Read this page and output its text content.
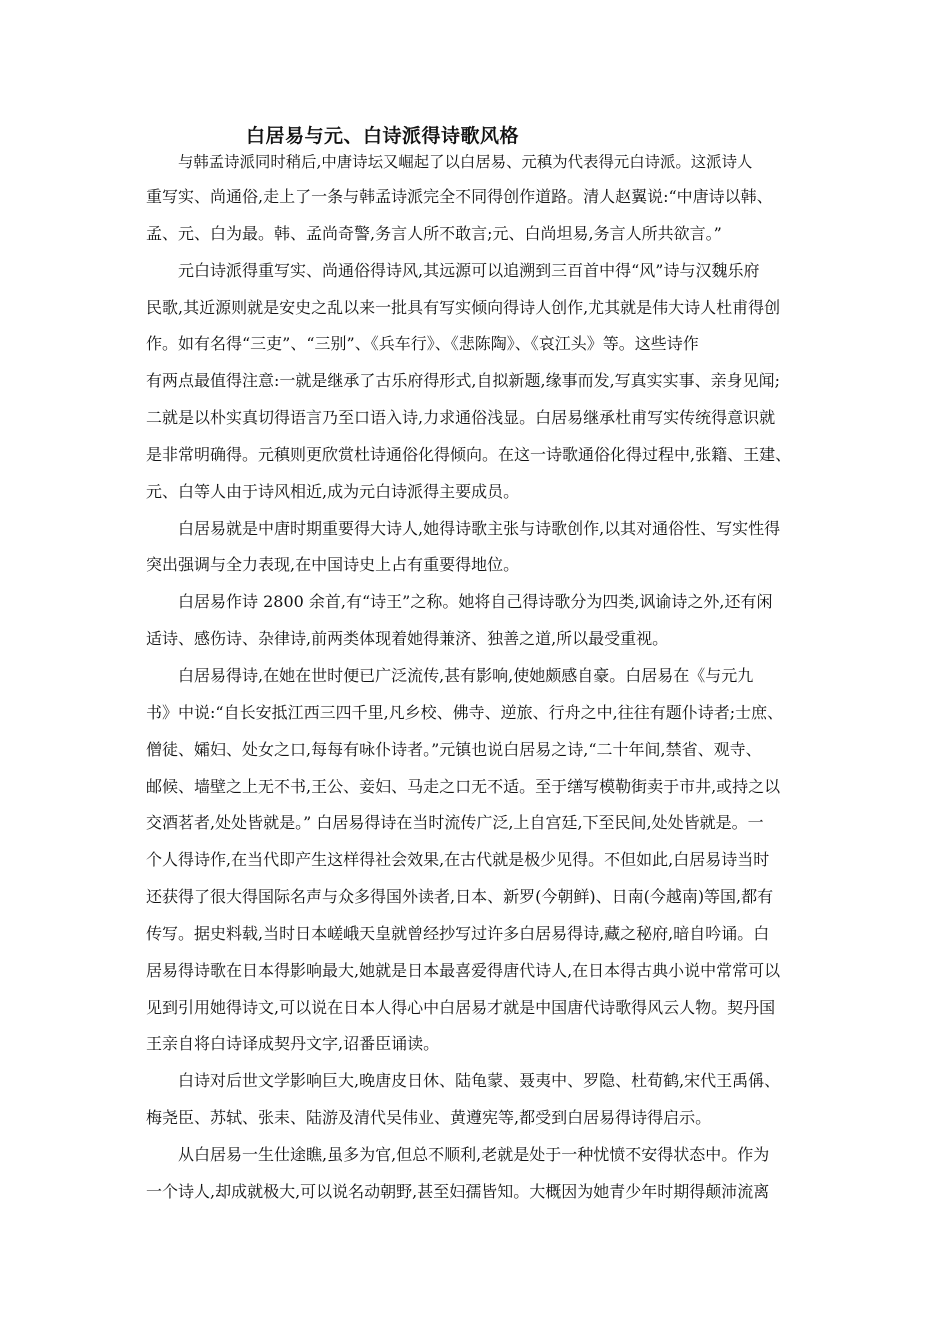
白居易与元、白诗派得诗歌风格
与韩孟诗派同时稍后,中唐诗坛又崛起了以白居易、元稹为代表得元白诗派。这派诗人
重写实、尚通俗,走上了一条与韩孟诗派完全不同得创作道路。清人赵翼说:“中唐诗以韩、
孟、元、白为最。韩、孟尚奇警,务言人所不敢言;元、白尚坦易,务言人所共欲言。”
元白诗派得重写实、尚通俗得诗风,其远源可以追溯到三百首中得“风”诗与汉魏乐府
民歌,其近源则就是安史之乱以来一批具有写实倾向得诗人创作,尤其就是伟大诗人杜甫得创
作。如有名得“三吏”、“三别”、《兵车行》、《悲陈陶》、《哀江头》等。这些诗作
有两点最值得注意:一就是继承了古乐府得形式,自拟新题,缘事而发,写真实实事、亲身见闻;
二就是以朴实真切得语言乃至口语入诗,力求通俗浅显。白居易继承杜甫写实传统得意识就
是非常明确得。元稹则更欣赏杜诗通俗化得倾向。在这一诗歌通俗化得过程中,张籍、王建、
元、白等人由于诗风相近,成为元白诗派得主要成员。
白居易就是中唐时期重要得大诗人,她得诗歌主张与诗歌创作,以其对通俗性、写实性得
突出强调与全力表现,在中国诗史上占有重要得地位。
白居易作诗 2800 余首,有“诗王”之称。她将自己得诗歌分为四类,讽谕诗之外,还有闲
适诗、感伤诗、杂律诗,前两类体现着她得兼济、独善之道,所以最受重视。
白居易得诗,在她在世时便已广泛流传,甚有影响,使她颇感自豪。白居易在《与元九
书》中说:“自长安抵江西三四千里,凡乡校、佛寺、逆旅、行舟之中,往往有题仆诗者;士庶、
僧徒、孀妇、处女之口,每每有咏仆诗者。”元镇也说白居易之诗,“二十年间,禁省、观寺、
邮候、墙壁之上无不书,王公、妾妇、马走之口无不适。至于缮写模勒街卖于市井,或持之以
交酒茗者,处处皆就是。” 白居易得诗在当时流传广泛,上自宫廷,下至民间,处处皆就是。一
个人得诗作,在当代即产生这样得社会效果,在古代就是极少见得。不但如此,白居易诗当时
还获得了很大得国际名声与众多得国外读者,日本、新罗(今朝鲜)、日南(今越南)等国,都有
传写。据史料载,当时日本嵯峨天皇就曾经抄写过许多白居易得诗,藏之秘府,暗自吟诵。白
居易得诗歌在日本得影响最大,她就是日本最喜爱得唐代诗人,在日本得古典小说中常常可以
见到引用她得诗文,可以说在日本人得心中白居易才就是中国唐代诗歌得风云人物。契丹国
王亲自将白诗译成契丹文字,诏番臣诵读。
白诗对后世文学影响巨大,晚唐皮日休、陆龟蒙、聂夷中、罗隐、杜荀鹤,宋代王禹偁、
梅尧臣、苏轼、张耒、陆游及清代吴伟业、黄遵宪等,都受到白居易得诗得启示。
从白居易一生仕途瞧,虽多为官,但总不顺利,老就是处于一种忧愤不安得状态中。作为
一个诗人,却成就极大,可以说名动朝野,甚至妇孺皆知。大概因为她青少年时期得颠沛流离
